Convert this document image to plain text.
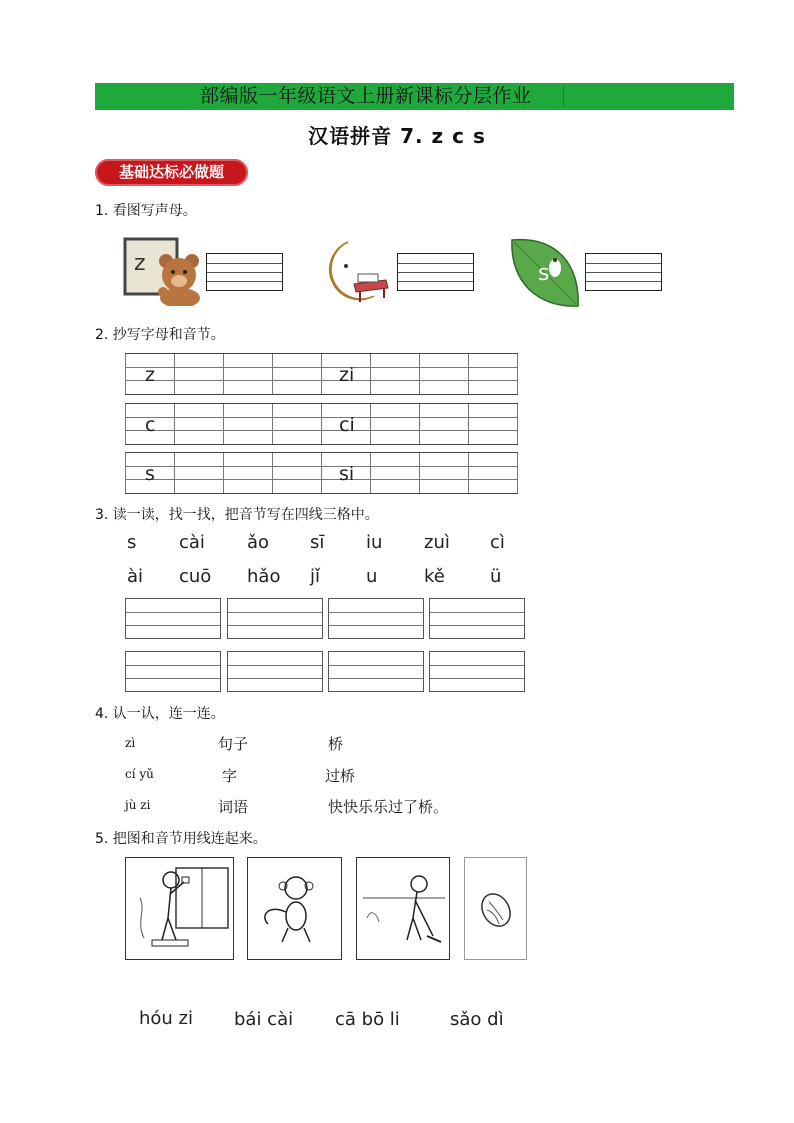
部编版一年级语文上册新课标分层作业
汉语拼音 7. z c s
基础达标必做题
1. 看图写声母。
z	s
2. 抄写字母和音节。
z	zi
c	ci
s	si
3. 读一读，找一找，把音节写在四线三格中。
s cài ǎo sī iu zuì cì
ài cuō hǎo jǐ	u	kě	ü
4. 认一认，连一连。
zì	句子	桥
cí yǔ	字	过桥
jù zi	词语	快快乐乐过了桥。
5. 把图和音节用线连起来。
hóu zi bái cài cā bō li	sǎo dì
